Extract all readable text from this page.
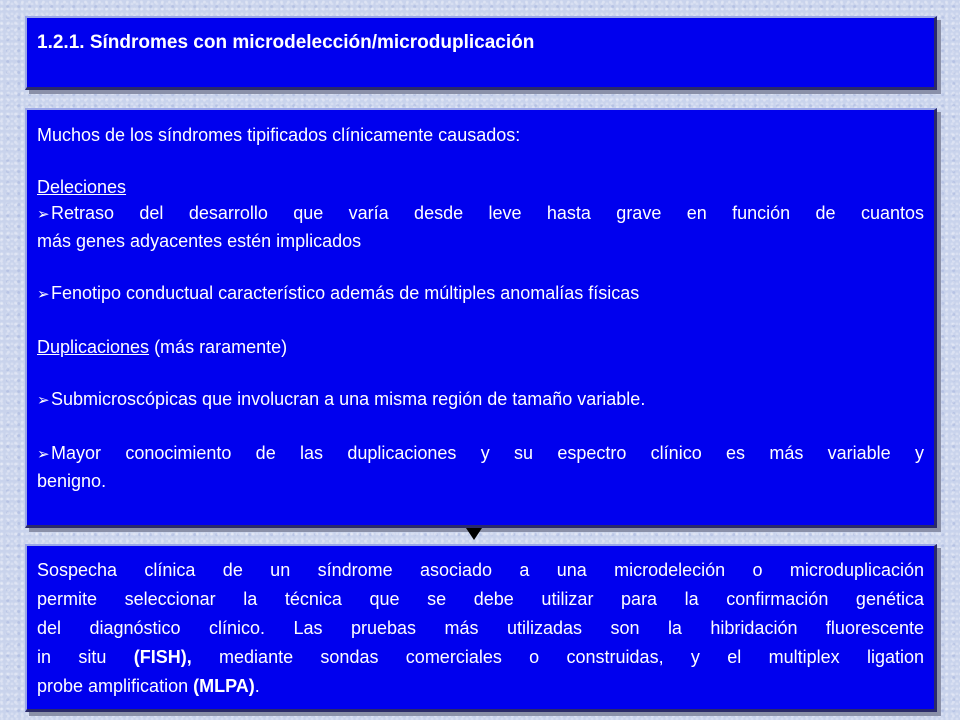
1.2.1. Síndromes con microdelección/microduplicación
Muchos de los síndromes tipificados clínicamente causados:
Deleciones
➢Retraso del desarrollo que varía desde leve hasta grave en función de cuantos
más genes adyacentes estén implicados
➢Fenotipo conductual característico además de múltiples anomalías físicas
Duplicaciones (más raramente)
➢Submicroscópicas que involucran a una misma región de tamaño variable.
➢Mayor conocimiento de las duplicaciones y su espectro clínico es más variable y
benigno.
Sospecha clínica de un síndrome asociado a una microdeleción o microduplicación
permite seleccionar la técnica que se debe utilizar para la confirmación genética
del diagnóstico clínico. Las pruebas más utilizadas son la hibridación fluorescente
in situ (FISH), mediante sondas comerciales o construidas, y el multiplex ligation
probe amplification (MLPA).
